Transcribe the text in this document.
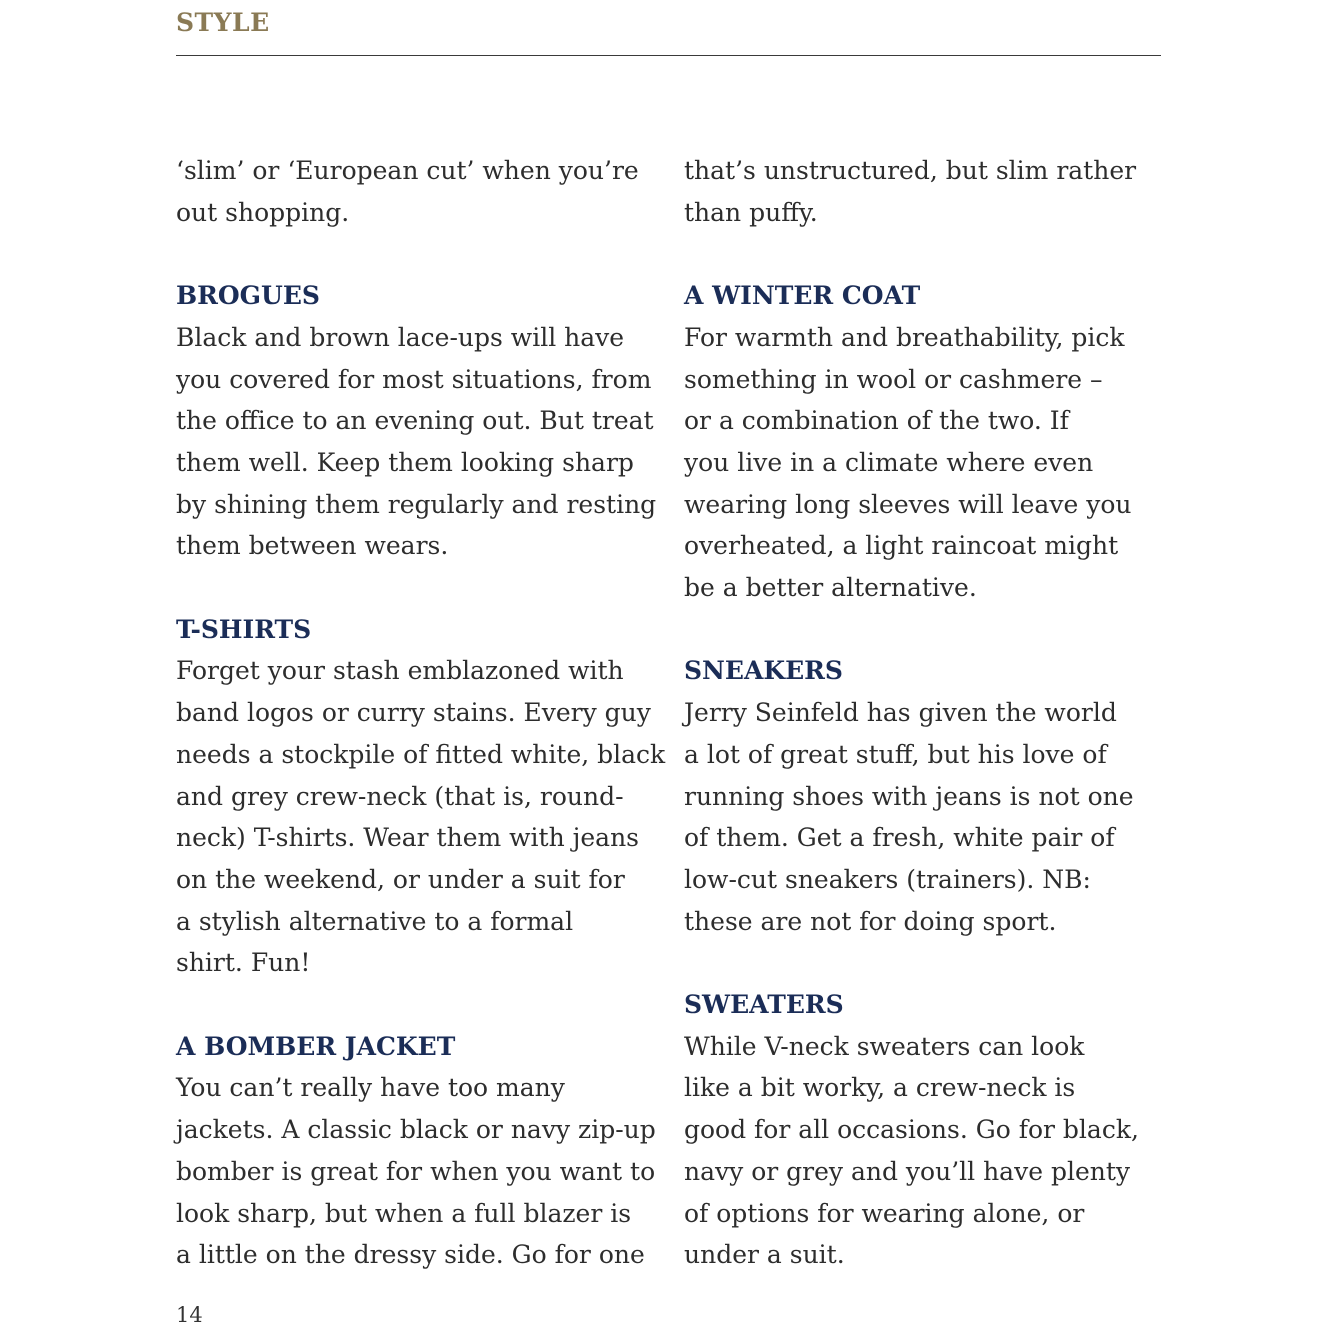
STYLE

‘slim’ or ‘European cut’ when you’re
out shopping.

BROGUES

Black and brown lace-ups will have
you covered for most situations, from
the office to an evening out. But treat
them well. Keep them looking sharp
by shining them regularly and resting
them between wears.

T-SHIRTS

Forget your stash emblazoned with
band logos or curry stains. Every guy
needs a stockpile of fitted white, black
and grey crew-neck (that is, round-
neck) T-shirts. Wear them with jeans
on the weekend, or under a suit for
a stylish alternative to a formal
shirt. Fun!

A BOMBER JACKET

You can’t really have too many
jackets. A classic black or navy zip-up
bomber is great for when you want to
look sharp, but when a full blazer is
a little on the dressy side. Go for one

that’s unstructured, but slim rather
than puffy.

A WINTER COAT

For warmth and breathability, pick
something in wool or cashmere –
or a combination of the two. If
you live in a climate where even
wearing long sleeves will leave you
overheated, a light raincoat might
be a better alternative.

SNEAKERS

Jerry Seinfeld has given the world
a lot of great stuff, but his love of
running shoes with jeans is not one
of them. Get a fresh, white pair of
low-cut sneakers (trainers). NB:
these are not for doing sport.

SWEATERS

While V-neck sweaters can look
like a bit worky, a crew-neck is
good for all occasions. Go for black,
navy or grey and you’ll have plenty
of options for wearing alone, or
under a suit.

14
